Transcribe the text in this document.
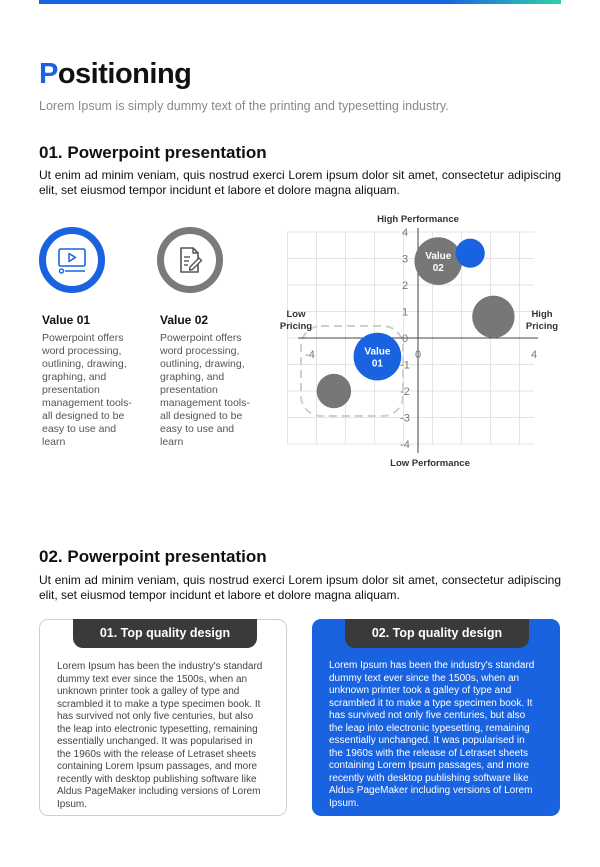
Positioning
Lorem Ipsum is simply dummy text of the printing and typesetting industry.
01. Powerpoint presentation
Ut enim ad minim veniam, quis nostrud exerci Lorem ipsum dolor sit amet, consectetur adipiscing elit, set eiusmod tempor incidunt et labore et dolore magna aliquam.
Value 01
Powerpoint offers word processing, outlining, drawing, graphing, and presentation management tools- all designed to be easy to use and learn
Value 02
Powerpoint offers word processing, outlining, drawing, graphing, and presentation management tools- all designed to be easy to use and learn
4
3
2
1
0
-1
-2
-3
-4
-4	0	4
Value 02
Value 01
High Performance
Low Performance
Low Pricing
High Pricing
02. Powerpoint presentation
Ut enim ad minim veniam, quis nostrud exerci Lorem ipsum dolor sit amet, consectetur adipiscing elit, set eiusmod tempor incidunt et labore et dolore magna aliquam.
01. Top quality design
Lorem Ipsum has been the industry's standard dummy text ever since the 1500s, when an unknown printer took a galley of type and scrambled it to make a type specimen book. It has survived not only five centuries, but also the leap into electronic typesetting, remaining essentially unchanged. It was popularised in the 1960s with the release of Letraset sheets containing Lorem Ipsum passages, and more recently with desktop publishing software like Aldus PageMaker including versions of Lorem Ipsum.
02. Top quality design
Lorem Ipsum has been the industry's standard dummy text ever since the 1500s, when an unknown printer took a galley of type and scrambled it to make a type specimen book. It has survived not only five centuries, but also the leap into electronic typesetting, remaining essentially unchanged. It was popularised in the 1960s with the release of Letraset sheets containing Lorem Ipsum passages, and more recently with desktop publishing software like Aldus PageMaker including versions of Lorem Ipsum.
